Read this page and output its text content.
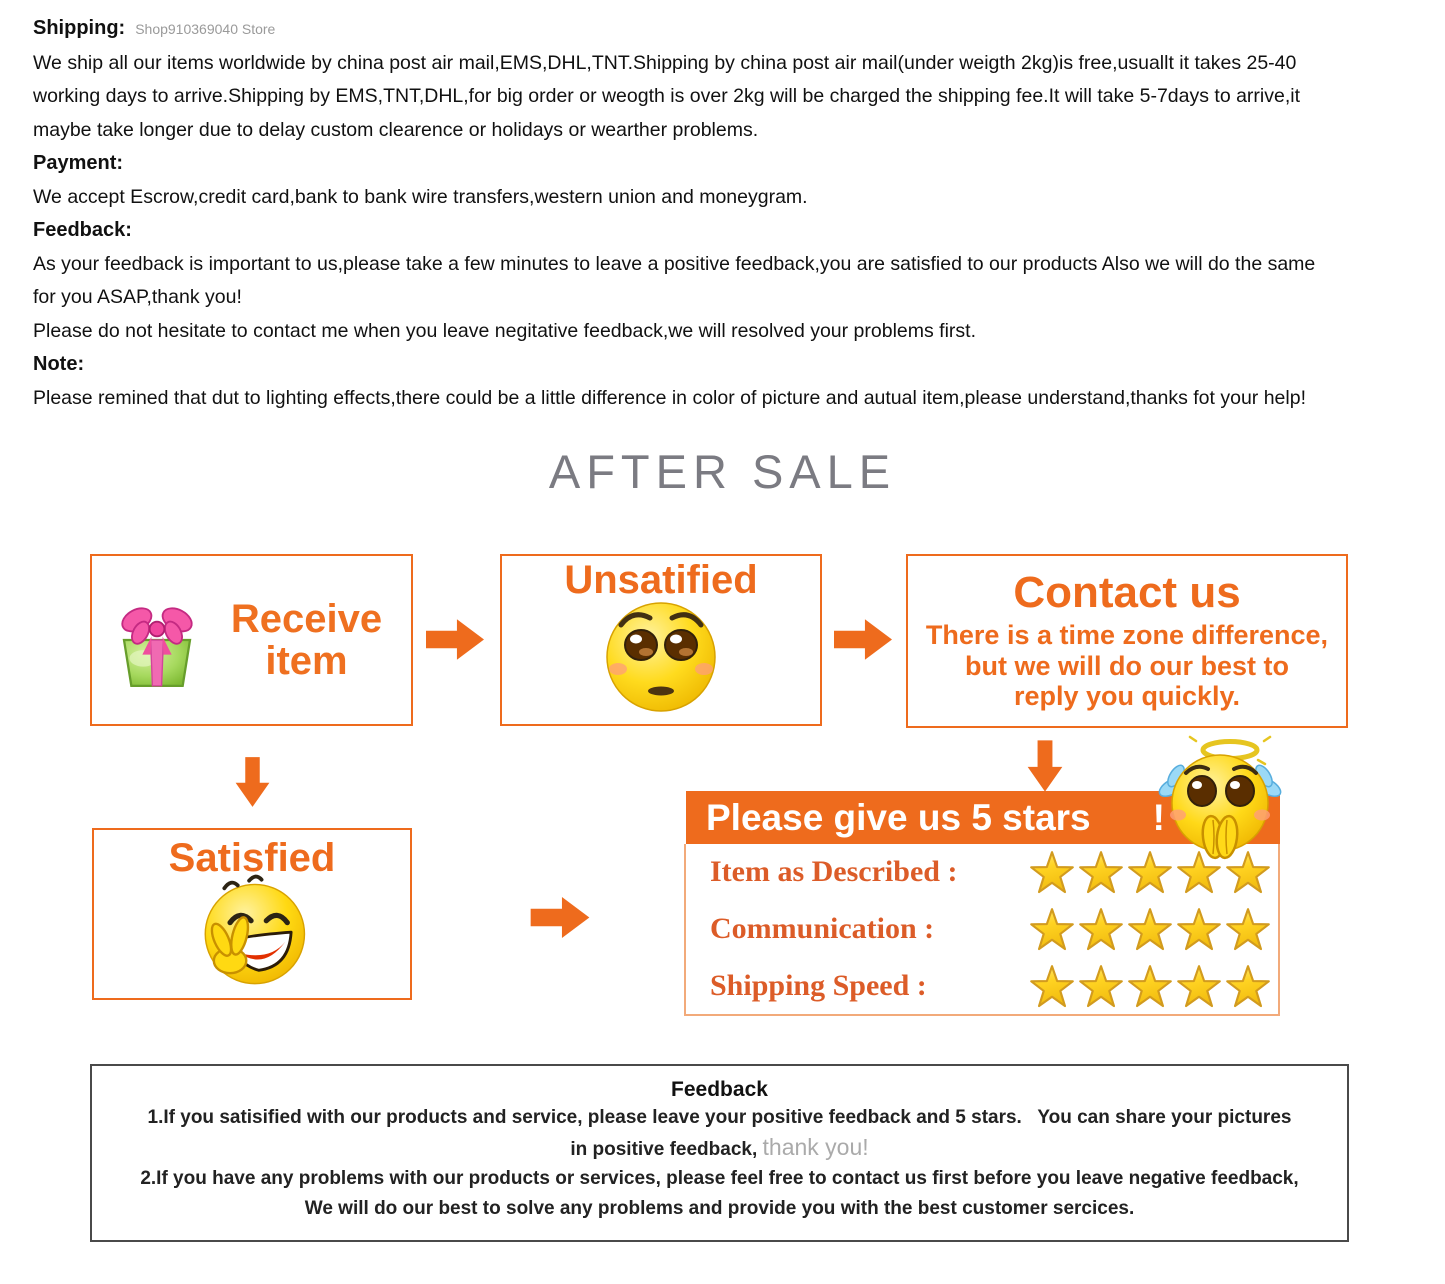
Shipping: Shop910369040 Store
We ship all our items worldwide by china post air mail,EMS,DHL,TNT.Shipping by china post air mail(under weigth 2kg)is free,usuallt it takes 25-40
working days to arrive.Shipping by EMS,TNT,DHL,for big order or weogth is over 2kg will be charged the shipping fee.It will take 5-7days to arrive,it
maybe take longer due to delay custom clearence or holidays or wearther problems.
Payment:
We accept Escrow,credit card,bank to bank wire transfers,western union and moneygram.
Feedback:
As your feedback is important to us,please take a few minutes to leave a positive feedback,you are satisfied to our products Also we will do the same
for you ASAP,thank you!
Please do not hesitate to contact me when you leave negitative feedback,we will resolved your problems first.
Note:
Please remined that dut to lighting effects,there could be a little difference in color of picture and autual item,please understand,thanks fot your help!
AFTER SALE
Receive item
Unsatified	Contact us
There is a time zone difference,
but we will do our best to
reply you quickly.
Satisfied
Please give us 5 stars !
Item as Described :
Communication :
Shipping Speed :
Feedback
1.If you satisified with our products and service, please leave your positive feedback and 5 stars.   You can share your pictures
in positive feedback, thank you!
2.If you have any problems with our products or services, please feel free to contact us first before you leave negative feedback,
We will do our best to solve any problems and provide you with the best customer sercices.
